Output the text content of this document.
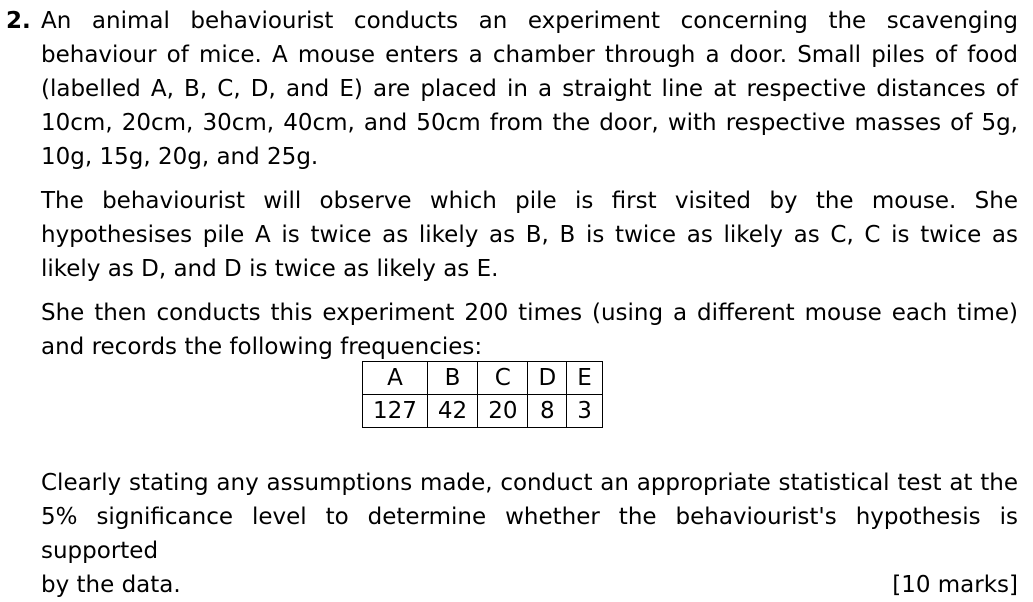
2. An animal behaviourist conducts an experiment concerning the scavenging behaviour of mice. A mouse enters a chamber through a door. Small piles of food (labelled A, B, C, D, and E) are placed in a straight line at respective distances of 10cm, 20cm, 30cm, 40cm, and 50cm from the door, with respective masses of 5g, 10g, 15g, 20g, and 25g.

The behaviourist will observe which pile is first visited by the mouse. She hypothesises pile A is twice as likely as B, B is twice as likely as C, C is twice as likely as D, and D is twice as likely as E.

She then conducts this experiment 200 times (using a different mouse each time) and records the following frequencies:

A	B	C	D	E
127	42	20	8	3
Clearly stating any assumptions made, conduct an appropriate statistical test at the 5% significance level to determine whether the behaviourist's hypothesis is supported
by the data.	[10 marks]
